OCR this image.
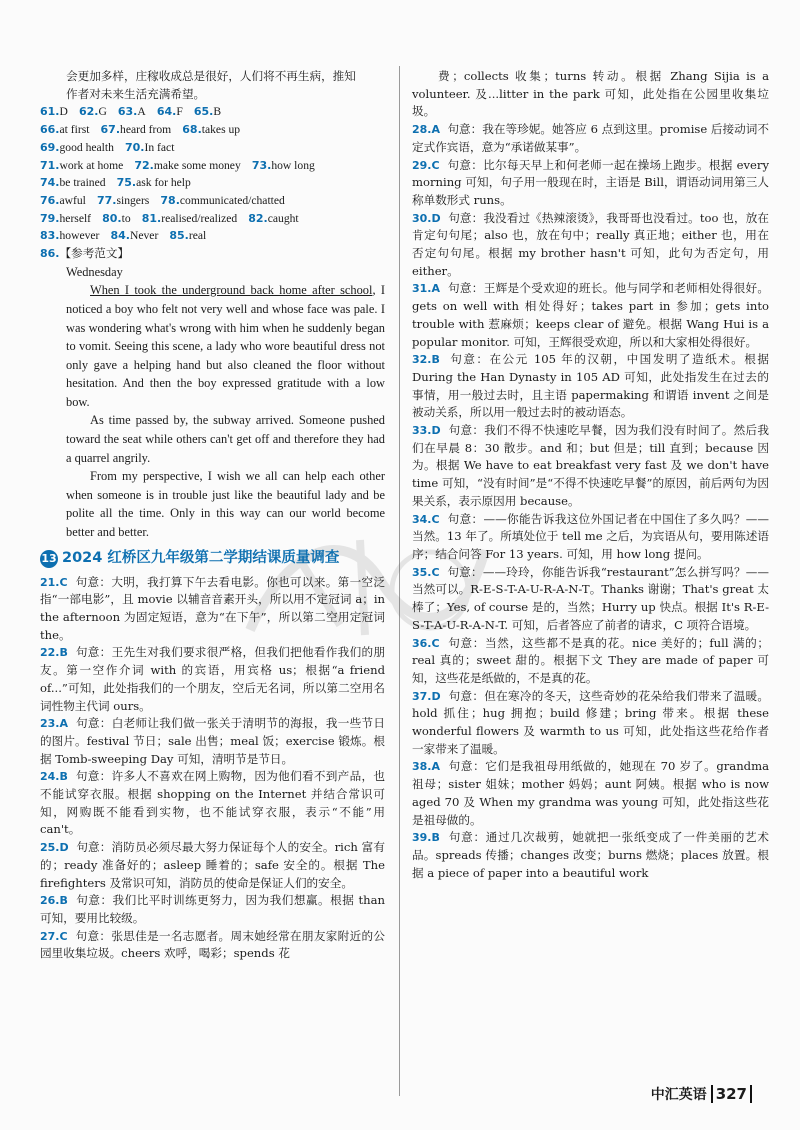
会更加多样，庄稼收成总是很好，人们将不再生病，推知
作者对未来生活充满希望。
61.D 62.G 63.A 64.F 65.B
66.at first 67.heard from 68.takes up
69.good health 70.In fact
71.work at home 72.make some money 73.how long
74.be trained 75.ask for help
76.awful 77.singers 78.communicated/chatted
79.herself 80.to 81.realised/realized 82.caught
83.however 84.Never 85.real
86.【参考范文】

Wednesday

When I took the underground back home after school, I noticed a boy who felt not very well and whose face was pale. I was wondering what's wrong with him when he suddenly began to vomit. Seeing this scene, a lady who wore beautiful dress not only gave a helping hand but also cleaned the floor without hesitation. And then the boy expressed gratitude with a low bow.

As time passed by, the subway arrived. Someone pushed toward the seat while others can't get off and therefore they had a quarrel angrily.

From my perspective, I wish we all can help each other when someone is in trouble just like the beautiful lady and be polite all the time. Only in this way can our world become better and better.

13 2024 红桥区九年级第二学期结课质量调查

21.C 句意：大明，我打算下午去看电影。你也可以来。第一空泛指“一部电影”，且 movie 以辅音音素开头，所以用不定冠词 a；in the afternoon 为固定短语，意为“在下午”，所以第二空用定冠词 the。

22.B 句意：王先生对我们要求很严格，但我们把他看作我们的朋友。第一空作介词 with 的宾语，用宾格 us；根据“a friend of...”可知，此处指我们的一个朋友，空后无名词，所以第二空用名词性物主代词 ours。

23.A 句意：白老师让我们做一张关于清明节的海报，我一些节日的图片。festival 节日；sale 出售；meal 饭；exercise 锻炼。根据 Tomb-sweeping Day 可知，清明节是节日。

24.B 句意：许多人不喜欢在网上购物，因为他们看不到产品，也不能试穿衣服。根据 shopping on the Internet 并结合常识可知，网购既不能看到实物，也不能试穿衣服，表示“不能”用 can't。

25.D 句意：消防员必须尽最大努力保证每个人的安全。rich 富有的；ready 准备好的；asleep 睡着的；safe 安全的。根据 The firefighters 及常识可知，消防员的使命是保证人们的安全。

26.B 句意：我们比平时训练更努力，因为我们想赢。根据 than 可知，要用比较级。

27.C 句意：张思佳是一名志愿者。周末她经常在朋友家附近的公园里收集垃圾。cheers 欢呼，喝彩；spends 花

费；collects 收集；turns 转动。根据 Zhang Sijia is a volunteer. 及...litter in the park 可知，此处指在公园里收集垃圾。

28.A 句意：我在等珍妮。她答应 6 点到这里。promise 后接动词不定式作宾语，意为“承诺做某事”。

29.C 句意：比尔每天早上和何老师一起在操场上跑步。根据 every morning 可知，句子用一般现在时，主语是 Bill，谓语动词用第三人称单数形式 runs。

30.D 句意：我没看过《热辣滚烫》，我哥哥也没看过。too 也，放在肯定句句尾；also 也，放在句中；really 真正地；either 也，用在否定句句尾。根据 my brother hasn't 可知，此句为否定句，用 either。

31.A 句意：王辉是个受欢迎的班长。他与同学和老师相处得很好。gets on well with 相处得好；takes part in 参加；gets into trouble with 惹麻烦；keeps clear of 避免。根据 Wang Hui is a popular monitor. 可知，王辉很受欢迎，所以和大家相处得很好。

32.B 句意：在公元 105 年的汉朝，中国发明了造纸术。根据 During the Han Dynasty in 105 AD 可知，此处指发生在过去的事情，用一般过去时，且主语 papermaking 和谓语 invent 之间是被动关系，所以用一般过去时的被动语态。

33.D 句意：我们不得不快速吃早餐，因为我们没有时间了。然后我们在早晨 8：30 散步。and 和；but 但是；till 直到；because 因为。根据 We have to eat breakfast very fast 及 we don't have time 可知，“没有时间”是“不得不快速吃早餐”的原因，前后两句为因果关系，表示原因用 because。

34.C 句意：——你能告诉我这位外国记者在中国住了多久吗？——当然。13 年了。所填处位于 tell me 之后，为宾语从句，要用陈述语序；结合问答 For 13 years. 可知，用 how long 提问。

35.C 句意：——玲玲，你能告诉我“restaurant”怎么拼写吗？——当然可以。R-E-S-T-A-U-R-A-N-T。Thanks 谢谢；That's great 太棒了；Yes, of course 是的，当然；Hurry up 快点。根据 It's R-E-S-T-A-U-R-A-N-T. 可知，后者答应了前者的请求，C 项符合语境。

36.C 句意：当然，这些都不是真的花。nice 美好的；full 满的；real 真的；sweet 甜的。根据下文 They are made of paper 可知，这些花是纸做的，不是真的花。

37.D 句意：但在寒冷的冬天，这些奇妙的花朵给我们带来了温暖。hold 抓住；hug 拥抱；build 修建；bring 带来。根据 these wonderful flowers 及 warmth to us 可知，此处指这些花给作者一家带来了温暖。

38.A 句意：它们是我祖母用纸做的，她现在 70 岁了。grandma 祖母；sister 姐妹；mother 妈妈；aunt 阿姨。根据 who is now aged 70 及 When my grandma was young 可知，此处指这些花是祖母做的。

39.B 句意：通过几次裁剪，她就把一张纸变成了一件美丽的艺术品。spreads 传播；changes 改变；burns 燃烧；places 放置。根据 a piece of paper into a beautiful work

中汇英语 327
